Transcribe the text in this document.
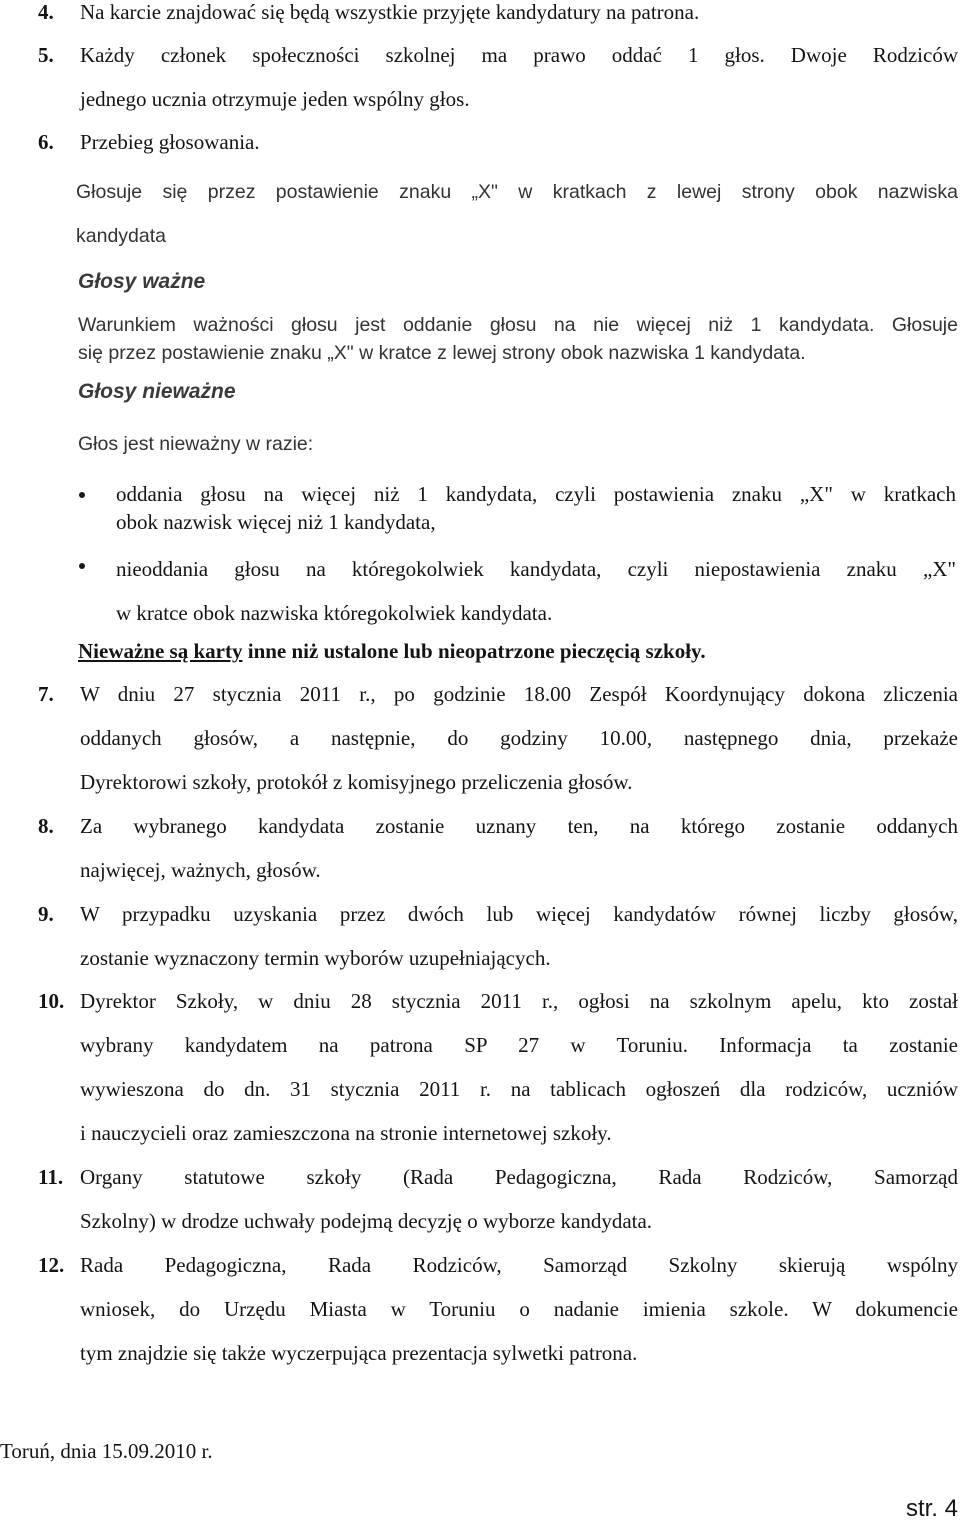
4. Na karcie znajdować się będą wszystkie przyjęte kandydatury na patrona.
5. Każdy członek społeczności szkolnej ma prawo oddać 1 głos. Dwoje Rodziców
jednego ucznia otrzymuje jeden wspólny głos.
6. Przebieg głosowania.
Głosuje się przez postawienie znaku „X" w kratkach z lewej strony obok nazwiska
kandydata
Głosy ważne
Warunkiem ważności głosu jest oddanie głosu na nie więcej niż 1 kandydata. Głosuje
się przez postawienie znaku „X" w kratce z lewej strony obok nazwiska 1 kandydata.
Głosy nieważne
Głos jest nieważny w razie:
oddania głosu na więcej niż 1 kandydata, czyli postawienia znaku „X" w kratkach
obok nazwisk więcej niż 1 kandydata,
nieoddania głosu na któregokolwiek kandydata, czyli niepostawienia znaku „X"
w kratce obok nazwiska któregokolwiek kandydata.
Nieważne są karty inne niż ustalone lub nieopatrzone pieczęcią szkoły.
7. W dniu 27 stycznia 2011 r., po godzinie 18.00 Zespół Koordynujący dokona zliczenia
oddanych głosów, a następnie, do godziny 10.00, następnego dnia, przekaże
Dyrektorowi szkoły, protokół z komisyjnego przeliczenia głosów.
8. Za wybranego kandydata zostanie uznany ten, na którego zostanie oddanych
najwięcej, ważnych, głosów.
9. W przypadku uzyskania przez dwóch lub więcej kandydatów równej liczby głosów,
zostanie wyznaczony termin wyborów uzupełniających.
10. Dyrektor Szkoły, w dniu 28 stycznia 2011 r., ogłosi na szkolnym apelu, kto został
wybrany kandydatem na patrona SP 27 w Toruniu. Informacja ta zostanie
wywieszona do dn. 31 stycznia 2011 r. na tablicach ogłoszeń dla rodziców, uczniów
i nauczycieli oraz zamieszczona na stronie internetowej szkoły.
11. Organy statutowe szkoły (Rada Pedagogiczna, Rada Rodziców, Samorząd
Szkolny) w drodze uchwały podejmą decyzję o wyborze kandydata.
12. Rada Pedagogiczna, Rada Rodziców, Samorząd Szkolny skierują wspólny
wniosek, do Urzędu Miasta w Toruniu o nadanie imienia szkole. W dokumencie
tym znajdzie się także wyczerpująca prezentacja sylwetki patrona.
Toruń, dnia 15.09.2010 r.
str. 4
